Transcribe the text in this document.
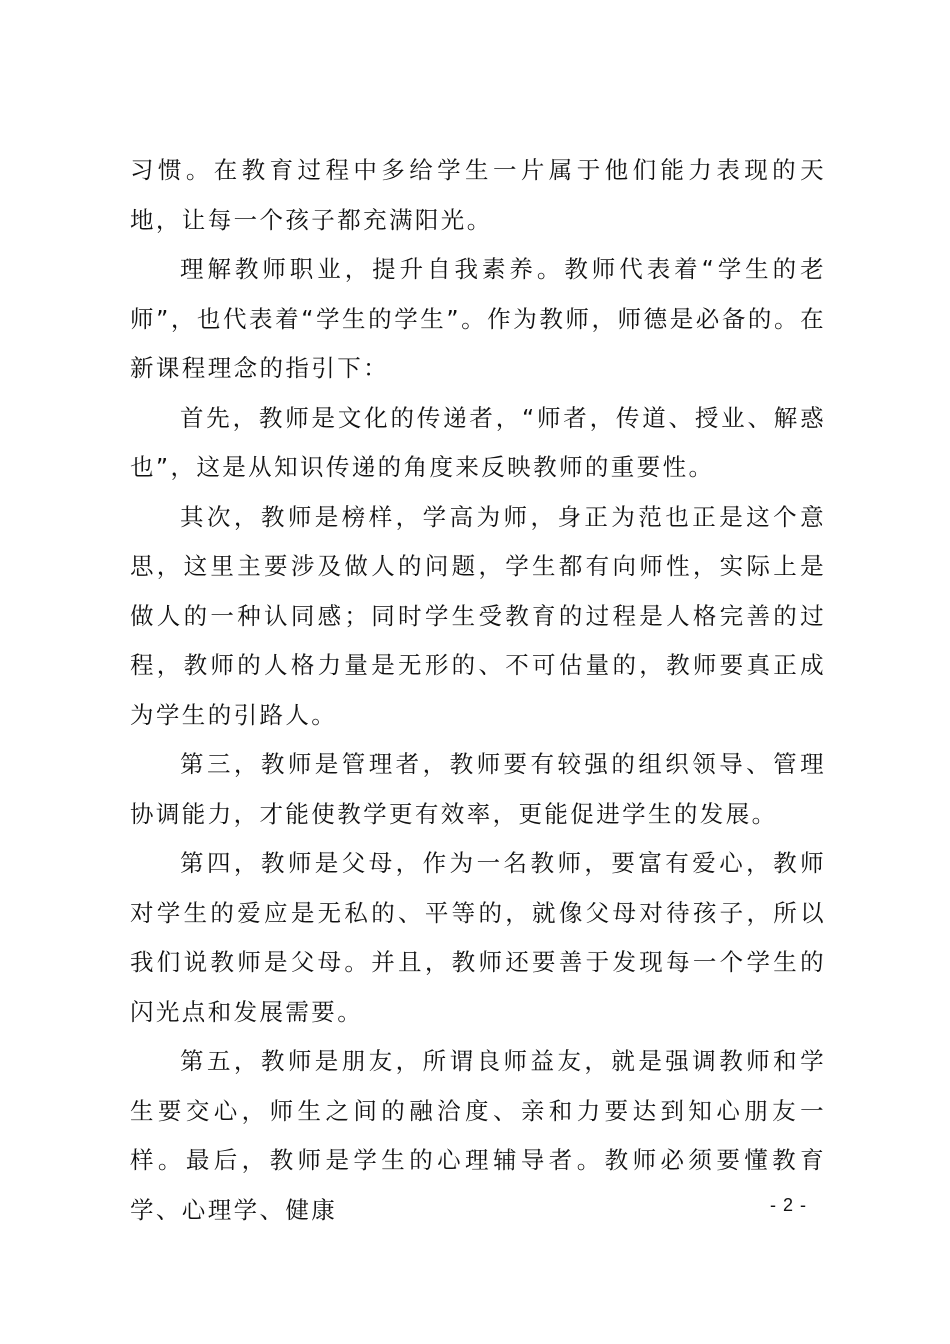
习惯。在教育过程中多给学生一片属于他们能力表现的天地，让每一个孩子都充满阳光。

理解教师职业，提升自我素养。教师代表着“学生的老师”，也代表着“学生的学生”。作为教师，师德是必备的。在新课程理念的指引下：

首先，教师是文化的传递者，“师者，传道、授业、解惑也”，这是从知识传递的角度来反映教师的重要性。

其次，教师是榜样，学高为师，身正为范也正是这个意思，这里主要涉及做人的问题，学生都有向师性，实际上是做人的一种认同感；同时学生受教育的过程是人格完善的过程，教师的人格力量是无形的、不可估量的，教师要真正成为学生的引路人。

第三，教师是管理者，教师要有较强的组织领导、管理协调能力，才能使教学更有效率，更能促进学生的发展。

第四，教师是父母，作为一名教师，要富有爱心，教师对学生的爱应是无私的、平等的，就像父母对待孩子，所以我们说教师是父母。并且，教师还要善于发现每一个学生的闪光点和发展需要。

第五，教师是朋友，所谓良师益友，就是强调教师和学生要交心，师生之间的融洽度、亲和力要达到知心朋友一样。最后，教师是学生的心理辅导者。教师必须要懂教育学、心理学、健康	- 2 -
